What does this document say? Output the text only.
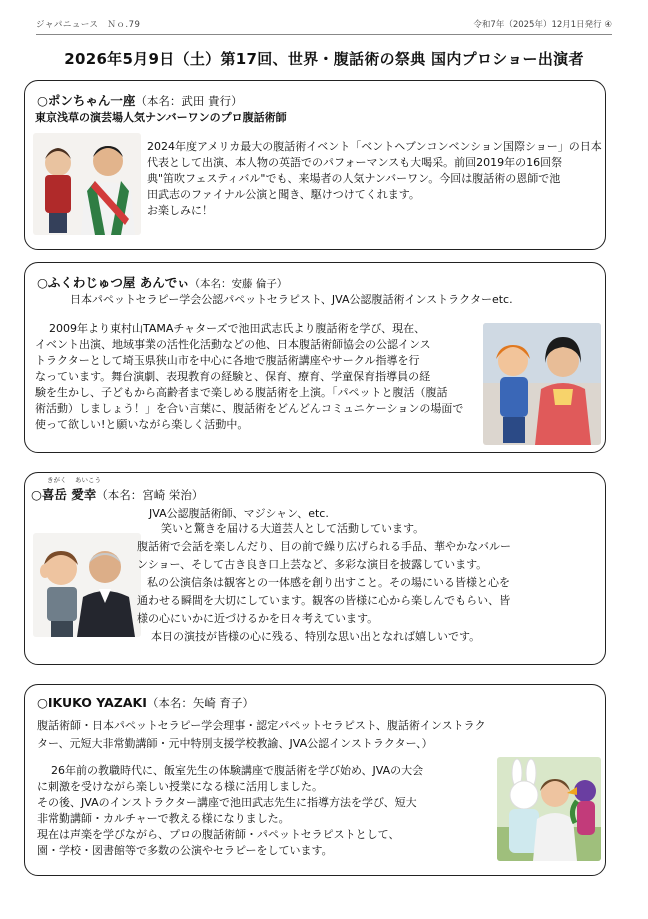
ジャパニュース　Ｎｏ.79	令和7年（2025年）12月1日発行 ④
2026年5月9日（土）第17回、世界・腹話術の祭典 国内プロショー出演者
○ポンちゃん一座（本名：武田 貴行）
東京浅草の演芸場人気ナンバーワンのプロ腹話術師
2024年度アメリカ最大の腹話術イベント「ベントヘブンコンベンション国際ショー」の日本
代表として出演、本人物の英語でのパフォーマンスも大喝采。前回2019年の16回祭
典"笛吹フェスティバル"でも、来場者の人気ナンバーワン。今回は腹話術の恩師で池
田武志のファイナル公演と聞き、駆けつけてくれます。
お楽しみに！
○ふくわじゅつ屋 あんでぃ（本名：安藤 倫子）
日本パペットセラピー学会公認パペットセラピスト、JVA公認腹話術インストラクターetc.
2009年より東村山TAMAチャターズで池田武志氏より腹話術を学び、現在、
イベント出演、地域事業の活性化活動などの他、日本腹話術師協会の公認インス
トラクターとして埼玉県狭山市を中心に各地で腹話術講座やサークル指導を行
なっています。舞台演劇、表現教育の経験と、保育、療育、学童保育指導員の経
験を生かし、子どもから高齢者まで楽しめる腹話術を上演。「パペットと腹活（腹話
術活動）しましょう！」を合い言葉に、腹話術をどんどんコミュニケーションの場面で
使って欲しい!と願いながら楽しく活動中。
きがく あいこう
○喜岳 愛幸（本名：宮崎 栄治）
JVA公認腹話術師、マジシャン、etc.
笑いと驚きを届ける大道芸人として活動しています。
腹話術で会話を楽しんだり、目の前で繰り広げられる手品、華やかなバルー
ンショー、そして古き良き口上芸など、多彩な演目を披露しています。
私の公演信条は観客との一体感を創り出すこと。その場にいる皆様と心を
通わせる瞬間を大切にしています。観客の皆様に心から楽しんでもらい、皆
様の心にいかに近づけるかを日々考えています。
本日の演技が皆様の心に残る、特別な思い出となれば嬉しいです。
○IKUKO YAZAKI（本名：矢崎 育子）
腹話術師・日本パペットセラピー学会理事・認定パペットセラピスト、腹話術インストラク
ター、元短大非常勤講師・元中特別支援学校教諭、JVA公認インストラクター、）
26年前の教職時代に、飯室先生の体験講座で腹話術を学び始め、JVAの大会
に刺激を受けながら楽しい授業になる様に活用しました。
その後、JVAのインストラクター講座で池田武志先生に指導方法を学び、短大
非常勤講師・カルチャーで教える様になりました。
現在は声楽を学びながら、プロの腹話術師・パペットセラピストとして、
園・学校・図書館等で多数の公演やセラピーをしています。
